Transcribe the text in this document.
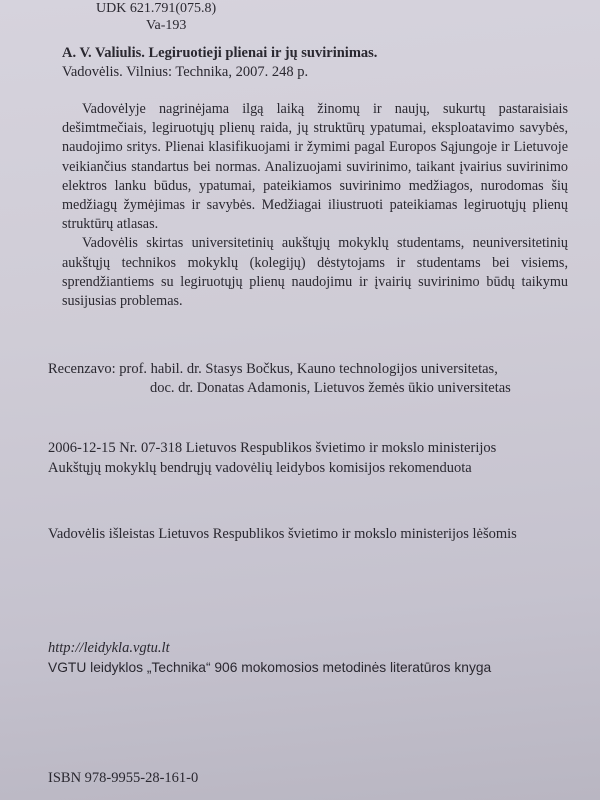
UDK 621.791(075.8)
Va-193
A. V. Valiulis. Legiruotieji plienai ir jų suvirinimas.
Vadovėlis. Vilnius: Technika, 2007. 248 p.

Vadovėlyje nagrinėjama ilgą laiką žinomų ir naujų, sukurtų pastaraisiais dešimtmečiais, legiruotųjų plienų raida, jų struktūrų ypatumai, eksploatavimo savybės, naudojimo sritys. Plienai klasifikuojami ir žymimi pagal Europos Sąjungoje ir Lietuvoje veikiančius standartus bei normas. Analizuojami suvirinimo, taikant įvairius suvirinimo elektros lanku būdus, ypatumai, pateikiamos suvirinimo medžiagos, nurodomas šių medžiagų žymėjimas ir savybės. Medžiagai iliustruoti pateikiamas legiruotųjų plienų struktūrų atlasas.

Vadovėlis skirtas universitetinių aukštųjų mokyklų studentams, neuniversitetinių aukštųjų technikos mokyklų (kolegijų) dėstytojams ir studentams bei visiems, sprendžiantiems su legiruotųjų plienų naudojimu ir įvairių suvirinimo būdų taikymu susijusias problemas.

Recenzavo: prof. habil. dr. Stasys Bočkus, Kauno technologijos universitetas,
doc. dr. Donatas Adamonis, Lietuvos žemės ūkio universitetas
2006-12-15 Nr. 07-318 Lietuvos Respublikos švietimo ir mokslo ministerijos
Aukštųjų mokyklų bendrųjų vadovėlių leidybos komisijos rekomenduota
Vadovėlis išleistas Lietuvos Respublikos švietimo ir mokslo ministerijos lėšomis
http://leidykla.vgtu.lt
VGTU leidyklos „Technika“ 906 mokomosios metodinės literatūros knyga
ISBN 978-9955-28-161-0
